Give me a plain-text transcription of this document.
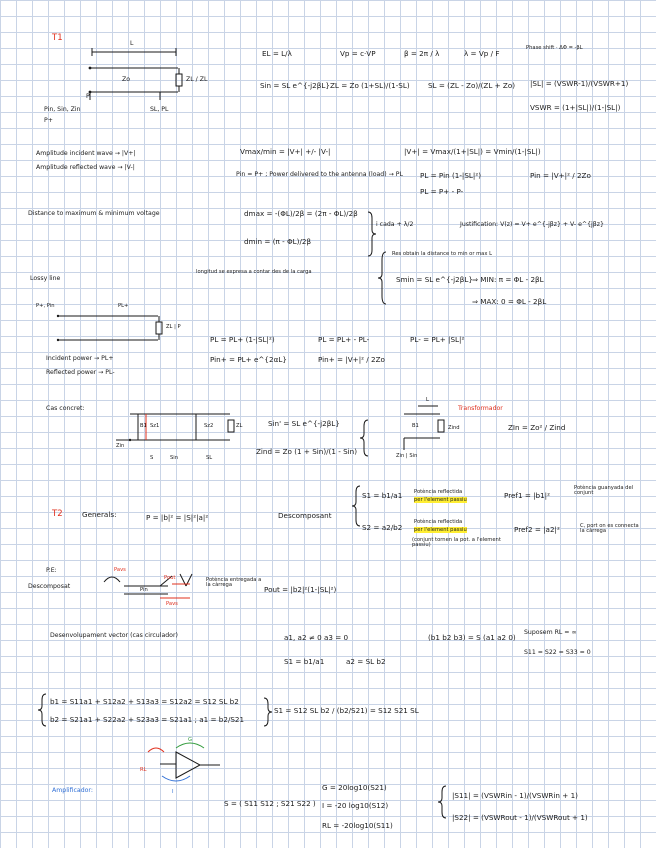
T1
L
Zo	ZL / ZL
P
Pin, Sin, Zin
P+
SL, PL
EL = L/λ	Vp = c·VP	β = 2π / λ	λ = Vp / F
Phase shift · ΔΦ = -βL
Sin = SL e^{-j2βL} ZL = Zo (1+SL)/(1-SL)	SL = (ZL - Zo)/(ZL + Zo) |SL| = (VSWR-1)/(VSWR+1)
VSWR = (1+|SL|)/(1-|SL|)
Amplitude incident wave → |V+|
Amplitude reflected wave → |V-|
Vmax/min = |V+| +/- |V-|	|V+| = Vmax/(1+|SL|) = Vmin/(1-|SL|)
Pin = P+ ; Power delivered to the antenna (load) → PL PL = Pin (1-|SL|²)
PL = P+ - P-
Pin = |V+|² / 2Zo
Distance to maximum & minimum voltage	dmax = -(ΦL)/2β = (2π - ΦL)/2β
dmin = (π - ΦL)/2β
i cada + λ/2	Justification: V(z) = V+ e^{-jβz} + V- e^{jβz}
longitud se expresa a contar des de la carga
Res obtain la distance to min or max L
Smin = SL e^{-j2βL} ⇒ MIN: π = ΦL - 2βL
⇒ MAX: 0 = ΦL - 2βL
Lossy line
P+, Pin	PL+
ZL | P
PL = PL+ (1-|SL|²)	PL = PL+ - PL-	PL- = PL+ |SL|²
Pin+ = PL+ e^{2αL}	Pin+ = |V+|² / 2Zo
Incident power → PL+
Reflected power → PL-
Cas concret:
B1 Sz1	Sz2	ZL
Zin
S	Sin	SL
Sin' = SL e^{-j2βL}
Zind = Zo (1 + Sin)/(1 - Sin)
Transformador
L
B1	Zind
Zin | Sin
ZIn = Zo² / Zind
T2	Generals:	P = |b|² = |S|²|a|²	Descomposant
S1 = b1/a1 Potència reflectida
per l'element passiu	Pref1 = |b1|²
Potència guanyada del conjunt
S2 = a2/b2
Potència reflectida
per l'element passiu
(conjunt tornen la pot. a l'element passiu)
Pref2 = |a2|²	C, port on es connecta la càrrega
P.E:
Descomposat
Pavs
Pout
Pin
Pavs
Potència entregada a la càrrega	Pout = |b2|²(1-|SL|²)
Desenvolupament vector (cas circulador)	a1, a2 ≠ 0 a3 = 0	(b1 b2 b3) = S (a1 a2 0)
Suposem RL = ∞
S11 = S22 = S33 = 0
S1 = b1/a1	a2 = SL b2
b1 = S11a1 + S12a2 + S13a3 = S12a2 = S12 SL b2
b2 = S21a1 + S22a2 + S23a3 = S21a1 ; a1 = b2/S21
S1 = S12 SL b2 / (b2/S21) = S12 S21 SL
Amplificador:
RL
G
I
S = ( S11 S12 ; S21 S22 )
G = 20log10(S21)
I = -20 log10(S12)
RL = -20log10(S11)
|S11| = (VSWRin - 1)/(VSWRin + 1)
|S22| = (VSWRout - 1)/(VSWRout + 1)
